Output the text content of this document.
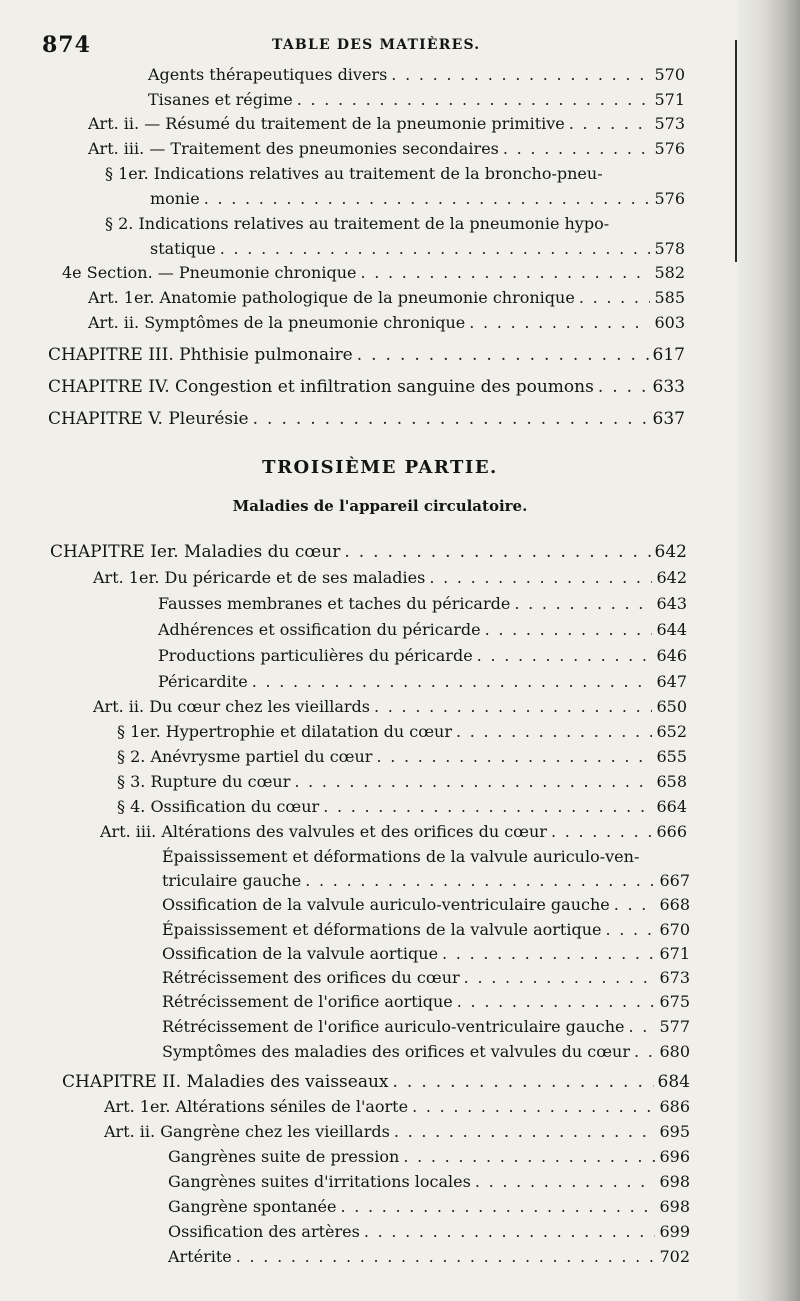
874	TABLE DES MATIÈRES.
Agents thérapeutiques divers . . .	570
Tisanes et régime . . .	571
Art. ii. — Résumé du traitement de la pneumonie primitive . . .	573
Art. iii. — Traitement des pneumonies secondaires . . .	576
§ 1er. Indications relatives au traitement de la broncho-pneu-
monie . . .	576
§ 2. Indications relatives au traitement de la pneumonie hypo-
statique . . .	578
4e Section. — Pneumonie chronique . . .	582
Art. 1er. Anatomie pathologique de la pneumonie chronique . . .	585
Art. ii. Symptômes de la pneumonie chronique . . .	603
CHAPITRE III. Phthisie pulmonaire . . .	617
CHAPITRE IV. Congestion et infiltration sanguine des poumons . . .	633
CHAPITRE V. Pleurésie . . .	637
TROISIÈME PARTIE.
Maladies de l'appareil circulatoire.
CHAPITRE Ier. Maladies du cœur . . .	642
Art. 1er. Du péricarde et de ses maladies . . .	642
Fausses membranes et taches du péricarde . . .	643
Adhérences et ossification du péricarde . . .	644
Productions particulières du péricarde . . .	646
Péricardite . . .	647
Art. ii. Du cœur chez les vieillards . . .	650
§ 1er. Hypertrophie et dilatation du cœur . . .	652
§ 2. Anévrysme partiel du cœur . . .	655
§ 3. Rupture du cœur . . .	658
§ 4. Ossification du cœur . . .	664
Art. iii. Altérations des valvules et des orifices du cœur . . .	666
Épaississement et déformations de la valvule auriculo-ven-
triculaire gauche . . .	667
Ossification de la valvule auriculo-ventriculaire gauche . . .	668
Épaississement et déformations de la valvule aortique . . .	670
Ossification de la valvule aortique . . .	671
Rétrécissement des orifices du cœur . . .	673
Rétrécissement de l'orifice aortique . . .	675
Rétrécissement de l'orifice auriculo-ventriculaire gauche . . . 577
Symptômes des maladies des orifices et valvules du cœur . . . 680
CHAPITRE II. Maladies des vaisseaux . . .	684
Art. 1er. Altérations séniles de l'aorte . . .	686
Art. ii. Gangrène chez les vieillards . . .	695
Gangrènes suite de pression . . .	696
Gangrènes suites d'irritations locales . . .	698
Gangrène spontanée . . .	698
Ossification des artères . . .	699
Artérite . . .	702
